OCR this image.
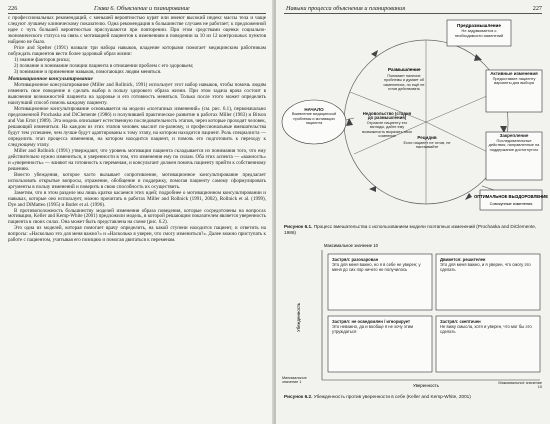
226	Глава 6. Объяснение и планирование

с профессиональных рекомендаций, с меньшей вероятностью курят или имеют высокий индекс массы тела и чаще следуют лучшему клиническому показателю. Одна рекомендация в большинстве случаев не работает; к предложенной идее с чуть большей вероятностью прислушаются при повторении. При этом средствами оценки социально-экономического статуса на связь с мотивацией пациентов к изменениям в поведении за 10 из 12 контрольных пунктов найдено не было.

Price and Spelter (1991) назвали три набора навыков, владение которыми помогает медицинским работникам побуждать пациентов вести более здоровый образ жизни:

1) знание факторов риска;
2) познание и понимание позиции пациента в отношении проблем с его здоровьем;
3) понимание и применение навыков, помогающих людям меняться.
Мотивационное консультирование

Мотивационное консультирование (Miller and Rollnick, 1991) использует этот набор навыков, чтобы помочь людям изменить свое поведение и сделать выбор в пользу здорового образа жизни. При этом задача врача состоит в выяснении возможностей пациента на здоровье и его готовность меняться. Только после этого может определить наилучший способ помочь каждому пациенту.

Мотивационное консультирование основывается на модели «поэтапных изменений» (см. рис. 6.1), первоначально предложенной Prochaska and DiClemente (1986) и получившей практическое развитие в работах Miller (1983) и Bitson and Van Ertot (1989). Эта модель описывает естественную последовательность этапов, через которые проходят человек, решающий измениться. На каждом из этих этапов человек мыслит по-разному, и профессиональные вмешательства будут тем успешнее, чем лучше будут адаптированы к тому этапу, на котором находится пациент. Роль специалиста — определить этап процесса изменения, на котором находится пациент, и помочь его подготовить к переходу к следующему этапу.

Miller and Rollnick (1991) утверждают, что уровень мотивации пациента складывается из понимания того, что ему действительно нужно измениться, и уверенности в том, что изменения ему по силам. Оба этих аспекта — «важность» и «уверенность» — влияют на готовность к переменам, и консультант должен помочь пациенту прийти к собственному решению.

Вместо убеждения, которое часто вызывает сопротивление, мотивационное консультирование предлагает использовать открытые вопросы, отражение, обобщение и поддержку, помогая пациенту самому сформулировать аргументы в пользу изменений и поверить в свою способность их осуществить.

Заметим, что в этом разделе мы лишь кратко касаемся этих идей; подробнее о мотивационном консультировании и навыках, которые оно использует, можно прочитать в работах Miller and Rollnick (1991, 2002), Rollnick et al. (1999), Dye and DiMatteo (1995) и Butler et al. (1996).

В противоположность большинству моделей изменения образа поведения, которые сосредоточены на вопросах мотивации, Keller and Kemp-White (2001) предложили модель, в которой решающим показателем является уверенность пациента в своих силах. Она может быть представлена на схеме (рис. 6.2).

Это одна из моделей, которая помогает врачу определить, на какой ступени находится пациент, и ответить на вопросы: «Насколько это для меня важно?» и «Насколько я уверен, что смогу измениться?». Далее можно приступать к работе с пациентом, учитывая его позицию и помогая двигаться к переменам.

Навыки процесса объяснения и планирования	227
Предразмышление
Не задумывается о необходимости изменений
Размышление
Понимает наличие проблемы и думает об изменениях, но ещё не готов действовать
Активные изменения
Предоставьте пациенту варианты для выбора
Закрепление
Последовательные действия, направленные на поддержание достигнутого
Рецидив
Если пациент не готов, не настаивайте
Недовольство (стадия до размышления)
Отразите пациенту его взгляды, дайте ему возможность выразить свои сомнения
НАЧАЛО
Выявление медицинской проблемы и мотивации пациента
ОПТИМАЛЬНОЕ ВЫЗДОРОВЛЕНИЕ
Совокупные изменения
Рисунок 6.1. Процесс вмешательства с использованием модели поэтапных изменений (Prochaska and DiClemente, 1986)
Максимальное значение 10
Убежденность
Застрял: разочарован
Это для меня важно, но я в себе не уверен; у меня до сих пор ничего не получилось
Движется: решителен
Это для меня важно, и я уверен, что смогу это сделать
Застрял: не осведомлен / игнорирует
Это неважно, да и вообще я не хочу этим утруждаться
Застрял: скептичен
Не вижу смысла, хотя и уверен, что мог бы это сделать
Минимальное значение 1
Уверенность	Максимальное значение 10
Рисунок 6.2. Убежденность против уверенности в себе (Keller and Kemp-White, 2001)
